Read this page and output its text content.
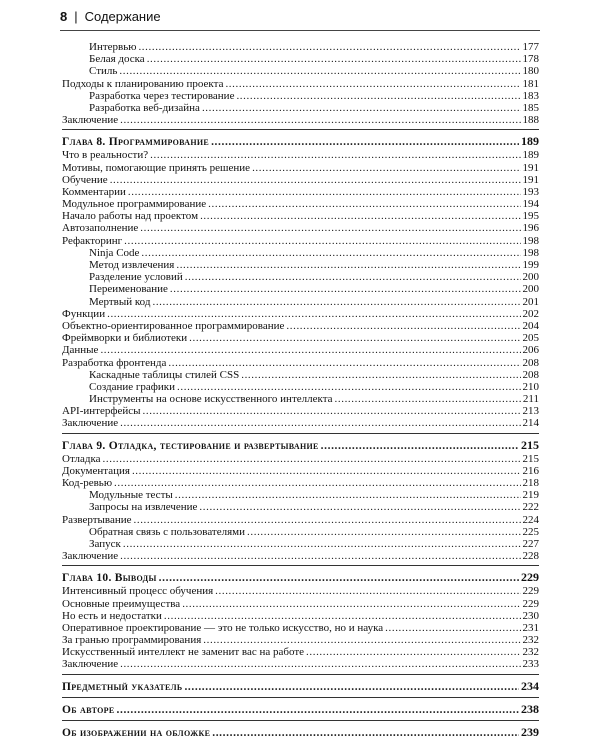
8 | Содержание
Интервью .....	177
Белая доска .....	178
Стиль .....	180
Подходы к планированию проекта .....	181
Разработка через тестирование .....	183
Разработка веб-дизайна .....	185
Заключение .....	188
Глава 8. Программирование .....	189
Что в реальности? .....	189
Мотивы, помогающие принять решение .....	191
Обучение .....	191
Комментарии .....	193
Модульное программирование .....	194
Начало работы над проектом .....	195
Автозаполнение .....	196
Рефакторинг .....	198
Ninja Code .....	198
Метод извлечения .....	199
Разделение условий .....	200
Переименование .....	200
Мертвый код .....	201
Функции .....	202
Объектно-ориентированное программирование .....	204
Фреймворки и библиотеки .....	205
Данные .....	206
Разработка фронтенда .....	208
Каскадные таблицы стилей CSS .....	208
Создание графики .....	210
Инструменты на основе искусственного интеллекта .....	211
API-интерфейсы .....	213
Заключение .....	214
Глава 9. Отладка, тестирование и развертывание .....	215
Отладка .....	215
Документация .....	216
Код-ревью .....	218
Модульные тесты .....	219
Запросы на извлечение .....	222
Развертывание .....	224
Обратная связь с пользователями .....	225
Запуск .....	227
Заключение .....	228
Глава 10. Выводы .....	229
Интенсивный процесс обучения .....	229
Основные преимущества .....	229
Но есть и недостатки .....	230
Оперативное проектирование — это не только искусство, но и наука .....	231
За гранью программирования .....	232
Искусственный интеллект не заменит вас на работе .....	232
Заключение .....	233
Предметный указатель .....	234
Об авторе .....	238
Об изображении на обложке .....	239
